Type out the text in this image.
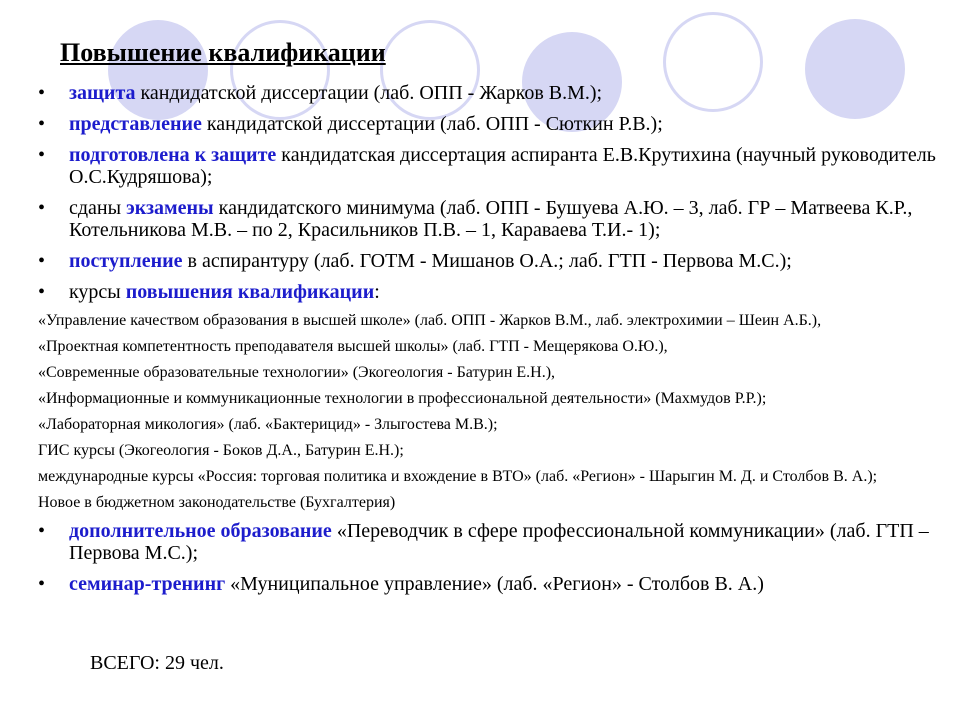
Повышение квалификации
• защита кандидатской диссертации (лаб. ОПП - Жарков В.М.);
• представление кандидатской диссертации (лаб. ОПП - Сюткин Р.В.);
• подготовлена к защите кандидатская диссертация аспиранта Е.В.Крутихина (научный руководитель О.С.Кудряшова);
• сданы экзамены кандидатского минимума (лаб. ОПП - Бушуева А.Ю. – 3, лаб. ГР – Матвеева К.Р., Котельникова М.В. – по 2, Красильников П.В. – 1, Караваева Т.И.- 1);
• поступление в аспирантуру (лаб. ГОТМ - Мишанов О.А.; лаб. ГТП - Первова М.С.);
• курсы повышения квалификации:
«Управление качеством образования в высшей школе» (лаб. ОПП - Жарков В.М., лаб. электрохимии – Шеин А.Б.),
«Проектная компетентность преподавателя высшей школы» (лаб. ГТП - Мещерякова О.Ю.),
«Современные образовательные технологии» (Экогеология - Батурин Е.Н.),
«Информационные и коммуникационные технологии в профессиональной деятельности» (Махмудов Р.Р.);
«Лабораторная микология» (лаб. «Бактерицид» - Злыгостева М.В.);
ГИС курсы (Экогеология - Боков Д.А., Батурин Е.Н.);
международные курсы «Россия: торговая политика и вхождение в ВТО» (лаб. «Регион» - Шарыгин М. Д. и Столбов В. А.);
Новое в бюджетном законодательстве (Бухгалтерия)
• дополнительное образование «Переводчик в сфере профессиональной коммуникации» (лаб. ГТП – Первова М.С.);
• семинар-тренинг «Муниципальное управление» (лаб. «Регион» - Столбов В. А.)
ВСЕГО: 29 чел.
